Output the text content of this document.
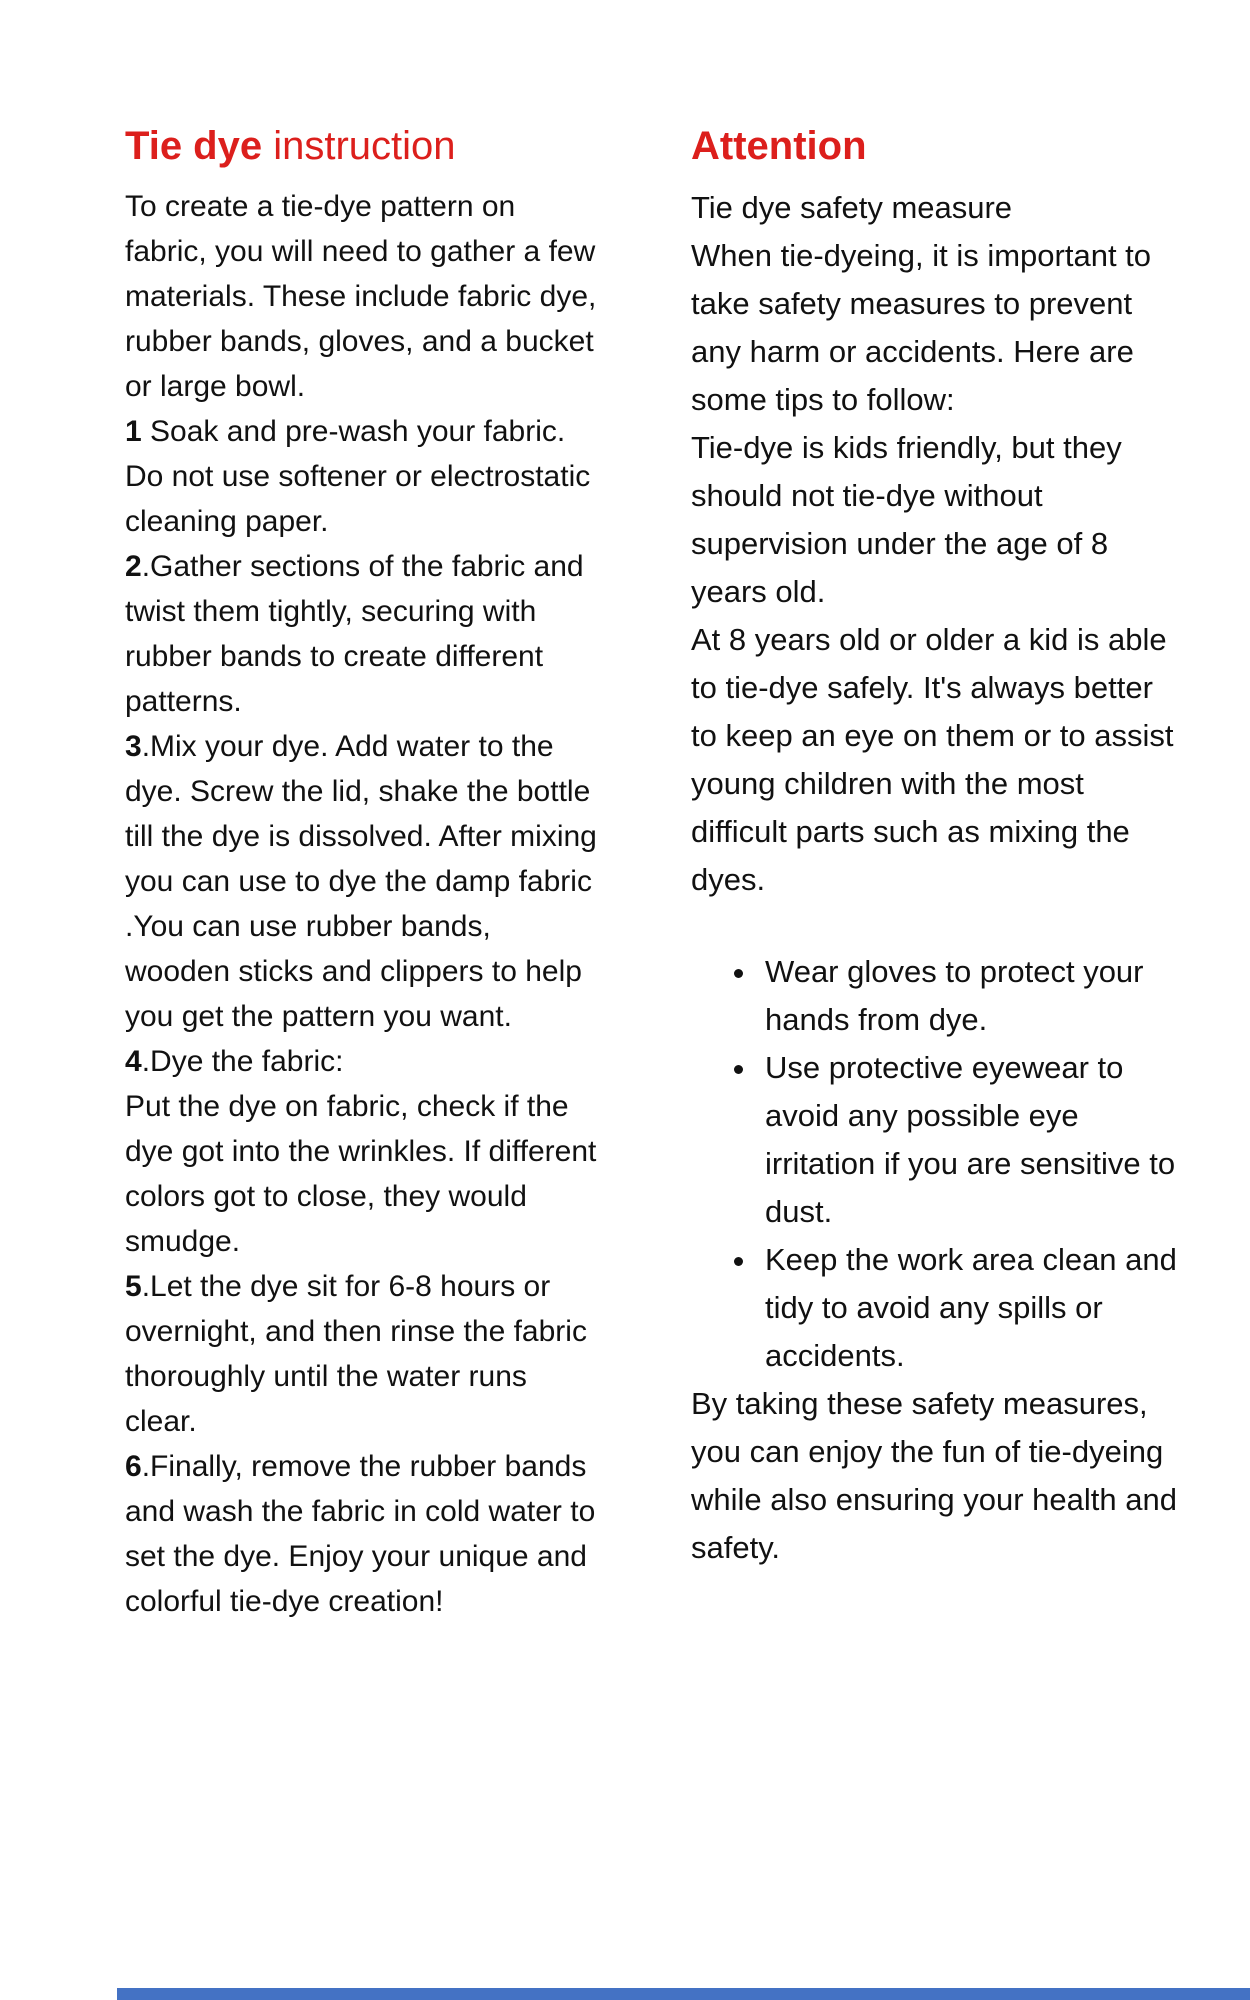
Tie dye instruction

To create a tie-dye pattern on fabric, you will need to gather a few materials. These include fabric dye, rubber bands, gloves, and a bucket or large bowl.

1 Soak and pre-wash your fabric. Do not use softener or electrostatic cleaning paper.

2.Gather sections of the fabric and twist them tightly, securing with rubber bands to create different patterns.

3.Mix your dye. Add water to the dye. Screw the lid, shake the bottle till the dye is dissolved. After mixing you can use to dye the damp fabric .You can use rubber bands, wooden sticks and clippers to help you get the pattern you want.

4.Dye the fabric:

Put the dye on fabric, check if the dye got into the wrinkles. If different colors got to close, they would smudge.

5.Let the dye sit for 6-8 hours or overnight, and then rinse the fabric thoroughly until the water runs clear.

6.Finally, remove the rubber bands and wash the fabric in cold water to set the dye. Enjoy your unique and colorful tie-dye creation!

Attention

Tie dye safety measure

When tie-dyeing, it is important to take safety measures to prevent any harm or accidents. Here are some tips to follow:

Tie-dye is kids friendly, but they should not tie-dye without supervision under the age of 8 years old.

At 8 years old or older a kid is able to tie-dye safely. It's always better to keep an eye on them or to assist young children with the most difficult parts such as mixing the dyes.

• Wear gloves to protect your hands from dye.
• Use protective eyewear to avoid any possible eye irritation if you are sensitive to dust.
• Keep the work area clean and tidy to avoid any spills or accidents.

By taking these safety measures, you can enjoy the fun of tie-dyeing while also ensuring your health and safety.
